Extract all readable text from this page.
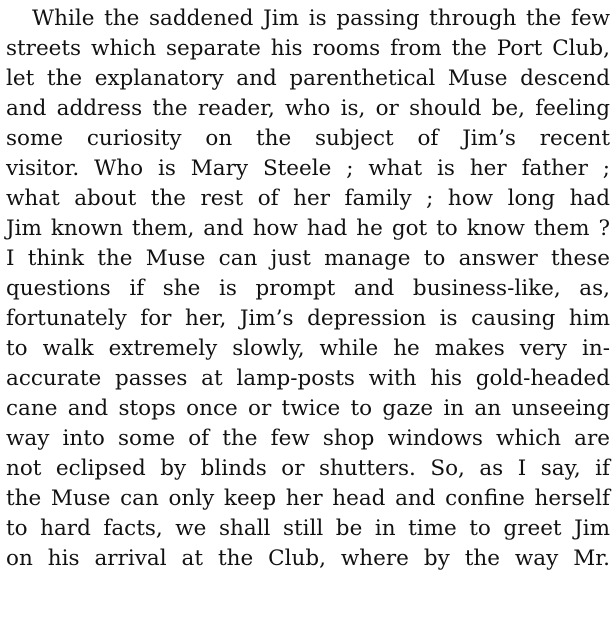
While the saddened Jim is passing through the few
streets which separate his rooms from the Port Club,
let the explanatory and parenthetical Muse descend
and address the reader, who is, or should be, feeling
some curiosity on the subject of Jim’s recent
visitor. Who is Mary Steele ; what is her father ;
what about the rest of her family ; how long had
Jim known them, and how had he got to know them ?
I think the Muse can just manage to answer these
questions if she is prompt and business-like, as,
fortunately for her, Jim’s depression is causing him
to walk extremely slowly, while he makes very in-
accurate passes at lamp-posts with his gold-headed
cane and stops once or twice to gaze in an unseeing
way into some of the few shop windows which are
not eclipsed by blinds or shutters. So, as I say, if
the Muse can only keep her head and confine herself
to hard facts, we shall still be in time to greet Jim
on his arrival at the Club, where by the way Mr.
